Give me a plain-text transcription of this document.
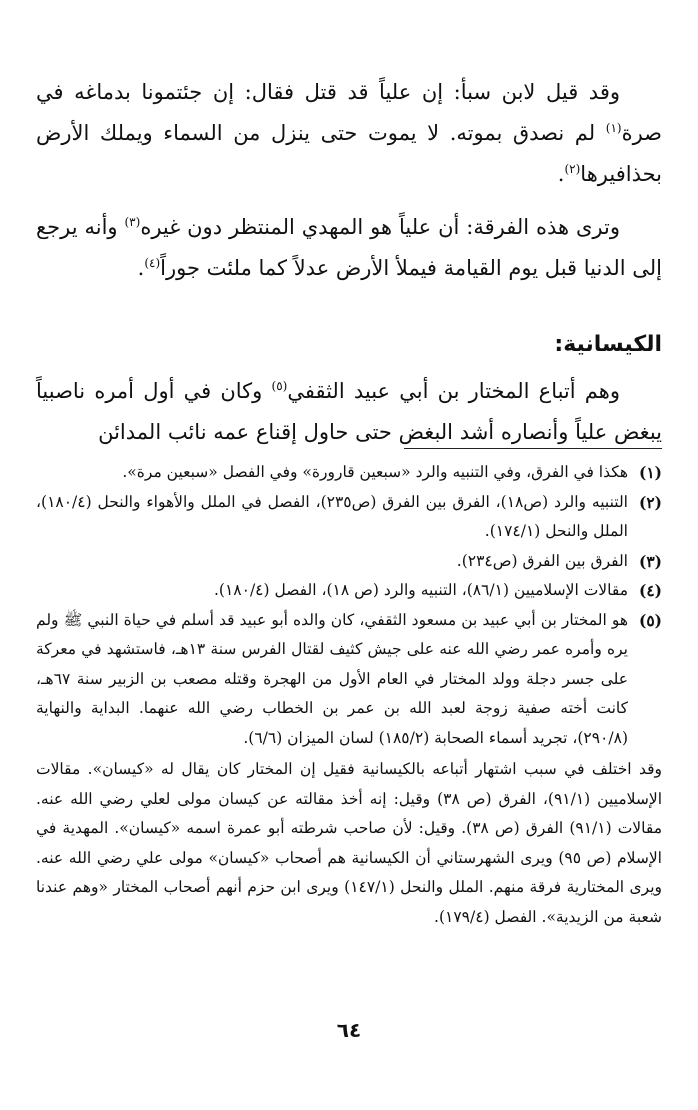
وقد قيل لابن سبأ: إن علياً قد قتل فقال: إن جئتمونا بدماغه في صرة$^{(١)}$ لم نصدق بموته. لا يموت حتى ينزل من السماء ويملك الأرض بحذافيرها$^{(٢)}$.

وترى هذه الفرقة: أن علياً هو المهدي المنتظر دون غيره$^{(٣)}$ وأنه يرجع إلى الدنيا قبل يوم القيامة فيملأ الأرض عدلاً كما ملئت جوراً$^{(٤)}$.

الكيسانية:

وهم أتباع المختار بن أبي عبيد الثقفي$^{(٥)}$ وكان في أول أمره ناصبياً يبغض علياً وأنصاره أشد البغض حتى حاول إقناع عمه نائب المدائن

(١)
هكذا في الفرق، وفي التنبيه والرد «سبعين قارورة» وفي الفصل «سبعين مرة».
(٢)
التنبيه والرد (ص١٨)، الفرق بين الفرق (ص٢٣٥)، الفصل في الملل والأهواء والنحل (١٨٠/٤)، الملل والنحل (١٧٤/١).
(٣)
الفرق بين الفرق (ص٢٣٤).
(٤)
مقالات الإسلاميين (٨٦/١)، التنبيه والرد (ص ١٨)، الفصل (١٨٠/٤).
(٥)
هو المختار بن أبي عبيد بن مسعود الثقفي، كان والده أبو عبيد قد أسلم في حياة النبي ﷺ ولم يره وأمره عمر رضي الله عنه على جيش كثيف لقتال الفرس سنة ١٣هـ، فاستشهد في معركة على جسر دجلة وولد المختار في العام الأول من الهجرة وقتله مصعب بن الزبير سنة ٦٧هـ، كانت أخته صفية زوجة لعبد الله بن عمر بن الخطاب رضي الله عنهما. البداية والنهاية (٢٩٠/٨)، تجريد أسماء الصحابة (١٨٥/٢) لسان الميزان (٦/٦).

وقد اختلف في سبب اشتهار أتباعه بالكيسانية فقيل إن المختار كان يقال له «كيسان». مقالات الإسلاميين (٩١/١)، الفرق (ص ٣٨) وقيل: إنه أخذ مقالته عن كيسان مولى لعلي رضي الله عنه. مقالات (٩١/١) الفرق (ص ٣٨). وقيل: لأن صاحب شرطته أبو عمرة اسمه «كيسان». المهدية في الإسلام (ص ٩٥) ويرى الشهرستاني أن الكيسانية هم أصحاب «كيسان» مولى علي رضي الله عنه. ويرى المختارية فرقة منهم. الملل والنحل (١٤٧/١) ويرى ابن حزم أنهم أصحاب المختار «وهم عندنا شعبة من الزيدية». الفصل (١٧٩/٤).

٦٤
